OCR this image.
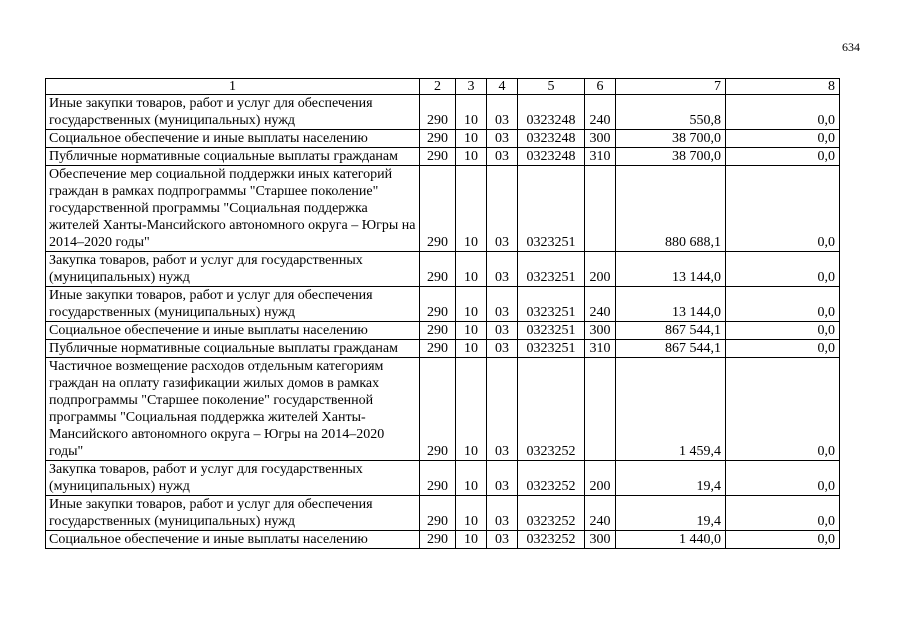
634
1	2	3	4	5	6	7	8
Иные закупки товаров, работ и услуг для обеспечения государственных (муниципальных) нужд	290	10	03	0323248	240	550,8	0,0
Социальное обеспечение и иные выплаты населению	290	10	03	0323248	300	38 700,0	0,0
Публичные нормативные социальные выплаты гражданам	290	10	03	0323248	310	38 700,0	0,0
Обеспечение мер социальной поддержки иных категорий граждан в рамках подпрограммы "Старшее поколение" государственной программы "Социальная поддержка жителей Ханты-Мансийского автономного округа – Югры на 2014–2020 годы"	290	10	03	0323251		880 688,1	0,0
Закупка товаров, работ и услуг для государственных (муниципальных) нужд	290	10	03	0323251	200	13 144,0	0,0
Иные закупки товаров, работ и услуг для обеспечения государственных (муниципальных) нужд	290	10	03	0323251	240	13 144,0	0,0
Социальное обеспечение и иные выплаты населению	290	10	03	0323251	300	867 544,1	0,0
Публичные нормативные социальные выплаты гражданам	290	10	03	0323251	310	867 544,1	0,0
Частичное возмещение расходов отдельным категориям граждан на оплату газификации жилых домов в рамках подпрограммы "Старшее поколение" государственной программы "Социальная поддержка жителей Ханты-Мансийского автономного округа – Югры на 2014–2020 годы"	290	10	03	0323252		1 459,4	0,0
Закупка товаров, работ и услуг для государственных (муниципальных) нужд	290	10	03	0323252	200	19,4	0,0
Иные закупки товаров, работ и услуг для обеспечения государственных (муниципальных) нужд	290	10	03	0323252	240	19,4	0,0
Социальное обеспечение и иные выплаты населению	290	10	03	0323252	300	1 440,0	0,0
